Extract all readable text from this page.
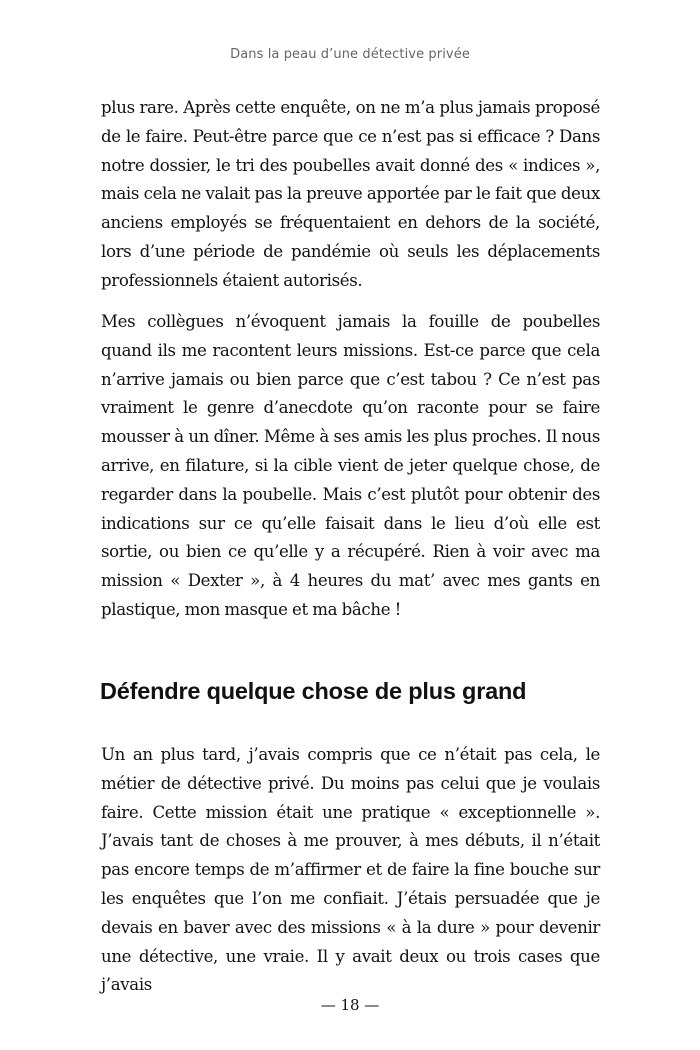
Dans la peau d’une détective privée

plus rare. Après cette enquête, on ne m’a plus jamais proposé de le faire. Peut-être parce que ce n’est pas si efficace ? Dans notre dossier, le tri des poubelles avait donné des « indices », mais cela ne valait pas la preuve apportée par le fait que deux anciens employés se fréquentaient en dehors de la société, lors d’une période de pandémie où seuls les déplacements professionnels étaient autorisés.

Mes collègues n’évoquent jamais la fouille de poubelles quand ils me racontent leurs missions. Est-ce parce que cela n’arrive jamais ou bien parce que c’est tabou ? Ce n’est pas vraiment le genre d’anecdote qu’on raconte pour se faire mousser à un dîner. Même à ses amis les plus proches. Il nous arrive, en filature, si la cible vient de jeter quelque chose, de regarder dans la poubelle. Mais c’est plutôt pour obtenir des indications sur ce qu’elle faisait dans le lieu d’où elle est sortie, ou bien ce qu’elle y a récupéré. Rien à voir avec ma mission « Dexter », à 4 heures du mat’ avec mes gants en plastique, mon masque et ma bâche !

Défendre quelque chose de plus grand

Un an plus tard, j’avais compris que ce n’était pas cela, le métier de détective privé. Du moins pas celui que je voulais faire. Cette mission était une pratique « exceptionnelle ». J’avais tant de choses à me prouver, à mes débuts, il n’était pas encore temps de m’affirmer et de faire la fine bouche sur les enquêtes que l’on me confiait. J’étais persuadée que je devais en baver avec des missions « à la dure » pour devenir une détective, une vraie. Il y avait deux ou trois cases que j’avais

— 18 —
